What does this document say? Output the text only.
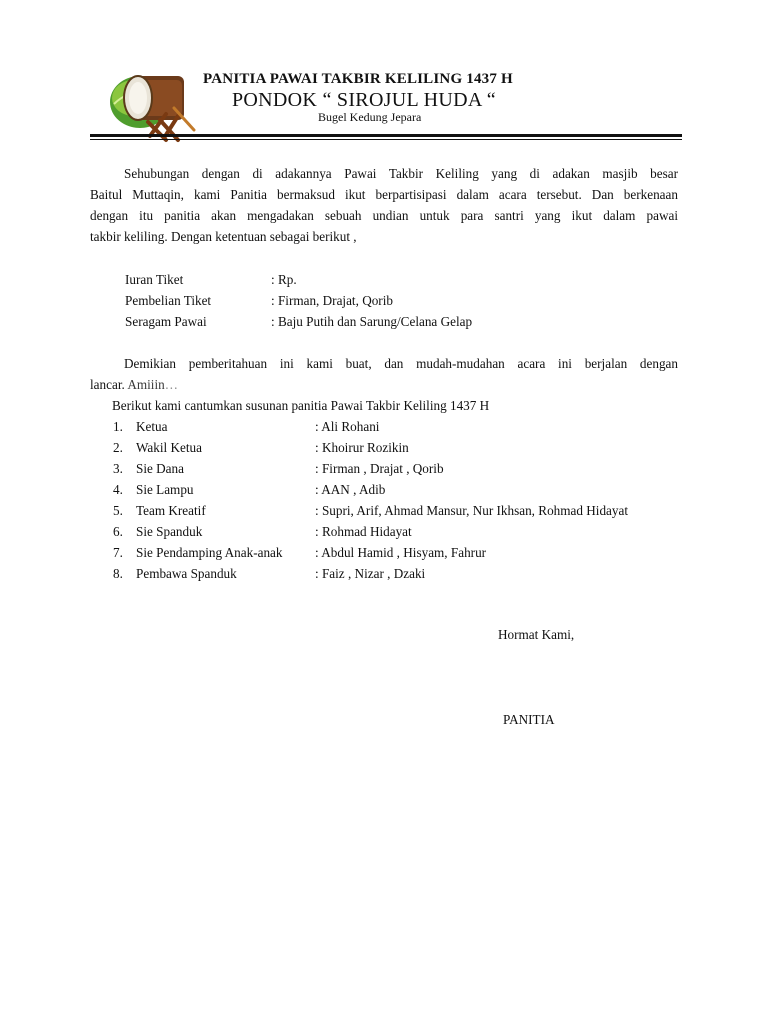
PANITIA PAWAI TAKBIR KELILING 1437 H
PONDOK “ SIROJUL HUDA “
Bugel Kedung Jepara
Sehubungan dengan di adakannya Pawai Takbir Keliling yang di adakan masjib besar
Baitul Muttaqin, kami Panitia bermaksud ikut berpartisipasi dalam acara tersebut. Dan berkenaan
dengan itu panitia akan mengadakan sebuah undian untuk para santri yang ikut dalam pawai
takbir keliling. Dengan ketentuan sebagai berikut ,
Iuran Tiket	: Rp.
Pembelian Tiket	: Firman, Drajat, Qorib
Seragam Pawai	: Baju Putih dan Sarung/Celana Gelap
Demikian pemberitahuan ini kami buat, dan mudah-mudahan acara ini berjalan dengan
lancar. Amiiin…
Berikut kami cantumkan susunan panitia Pawai Takbir Keliling 1437 H
1. Ketua	: Ali Rohani
2. Wakil Ketua	: Khoirur Rozikin
3. Sie Dana	: Firman , Drajat , Qorib
4. Sie Lampu	: AAN , Adib
5. Team Kreatif	: Supri, Arif, Ahmad Mansur, Nur Ikhsan, Rohmad Hidayat
6. Sie Spanduk	: Rohmad Hidayat
7. Sie Pendamping Anak-anak : Abdul Hamid , Hisyam, Fahrur
8. Pembawa Spanduk	: Faiz , Nizar , Dzaki
Hormat Kami,
PANITIA
